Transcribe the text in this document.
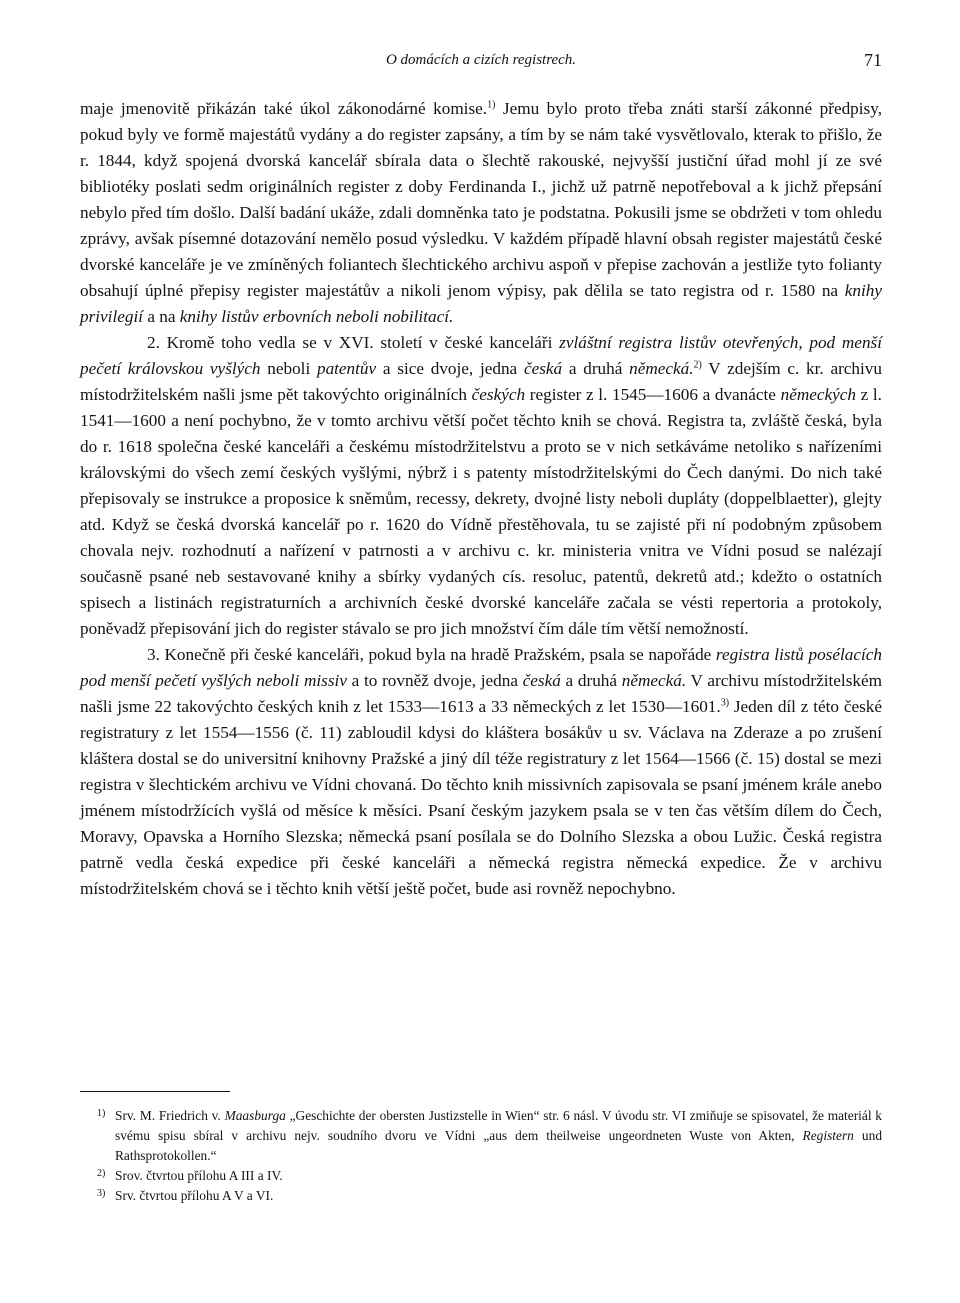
O domácích a cizích registrech.	71

maje jmenovitě přikázán také úkol zákonodárné komise.$^{1)}$ Jemu bylo proto třeba znáti starší zákonné předpisy, pokud byly ve formě majestátů vydány a do register zapsány, a tím by se nám také vysvětlovalo, kterak to přišlo, že r. 1844, když spojená dvorská kancelář sbírala data o šlechtě rakouské, nejvyšší justiční úřad mohl jí ze své bibliotéky poslati sedm originálních register z doby Ferdinanda I., jichž už patrně nepotřeboval a k jichž přepsání nebylo před tím došlo. Další badání ukáže, zdali domněnka tato je podstatna. Pokusili jsme se obdržeti v tom ohledu zprávy, avšak písemné dotazování nemělo posud výsledku. V každém případě hlavní obsah register majestátů české dvorské kanceláře je ve zmíněných foliantech šlechtického archivu aspoň v přepise zachován a jestliže tyto folianty obsahují úplné přepisy register majestátův a nikoli jenom výpisy, pak dělila se tato registra od r. 1580 na knihy privilegií a na knihy listův erbovních neboli nobilitací.

2. Kromě toho vedla se v XVI. století v české kanceláři zvláštní registra listův otevřených, pod menší pečetí královskou vyšlých neboli patentův a sice dvoje, jedna česká a druhá německá.$^{2)}$ V zdejším c. kr. archivu místodržitelském našli jsme pět takovýchto originálních českých register z l. 1545—1606 a dvanácte německých z l. 1541—1600 a není pochybno, že v tomto archivu větší počet těchto knih se chová. Registra ta, zvláště česká, byla do r. 1618 společna české kanceláři a českému místodržitelstvu a proto se v nich setkáváme netoliko s nařízeními královskými do všech zemí českých vyšlými, nýbrž i s patenty místodržitelskými do Čech danými. Do nich také přepisovaly se instrukce a proposice k sněmům, recessy, dekrety, dvojné listy neboli dupláty (doppelblaetter), glejty atd. Když se česká dvorská kancelář po r. 1620 do Vídně přestěhovala, tu se zajisté při ní podobným způsobem chovala nejv. rozhodnutí a nařízení v patrnosti a v archivu c. kr. ministeria vnitra ve Vídni posud se nalézají současně psané neb sestavované knihy a sbírky vydaných cís. resoluc, patentů, dekretů atd.; kdežto o ostatních spisech a listinách registraturních a archivních české dvorské kanceláře začala se vésti repertoria a protokoly, poněvadž přepisování jich do register stávalo se pro jich množství čím dále tím větší nemožností.

3. Konečně při české kanceláři, pokud byla na hradě Pražském, psala se napořáde registra listů posélacích pod menší pečetí vyšlých neboli missiv a to rovněž dvoje, jedna česká a druhá německá. V archivu místodržitelském našli jsme 22 takovýchto českých knih z let 1533—1613 a 33 německých z let 1530—1601.$^{3)}$ Jeden díl z této české registratury z let 1554—1556 (č. 11) zabloudil kdysi do kláštera bosákův u sv. Václava na Zderaze a po zrušení kláštera dostal se do universitní knihovny Pražské a jiný díl téže registratury z let 1564—1566 (č. 15) dostal se mezi registra v šlechtickém archivu ve Vídni chovaná. Do těchto knih missivních zapisovala se psaní jménem krále anebo jménem místodržících vyšlá od měsíce k měsíci. Psaní českým jazykem psala se v ten čas větším dílem do Čech, Moravy, Opavska a Horního Slezska; německá psaní posílala se do Dolního Slezska a obou Lužic. Česká registra patrně vedla česká expedice při české kanceláři a německá registra německá expedice. Že v archivu místodržitelském chová se i těchto knih větší ještě počet, bude asi rovněž nepochybno.

1) Srv. M. Friedrich v. Maasburga „Geschichte der obersten Justizstelle in Wien“ str. 6 násl. V úvodu str. VI zmiňuje se spisovatel, že materiál k svému spisu sbíral v archivu nejv. soudního dvoru ve Vídni „aus dem theilweise ungeordneten Wuste von Akten, Registern und Rathsprotokollen.“
2) Srov. čtvrtou přílohu A III a IV.
3) Srv. čtvrtou přílohu A V a VI.
